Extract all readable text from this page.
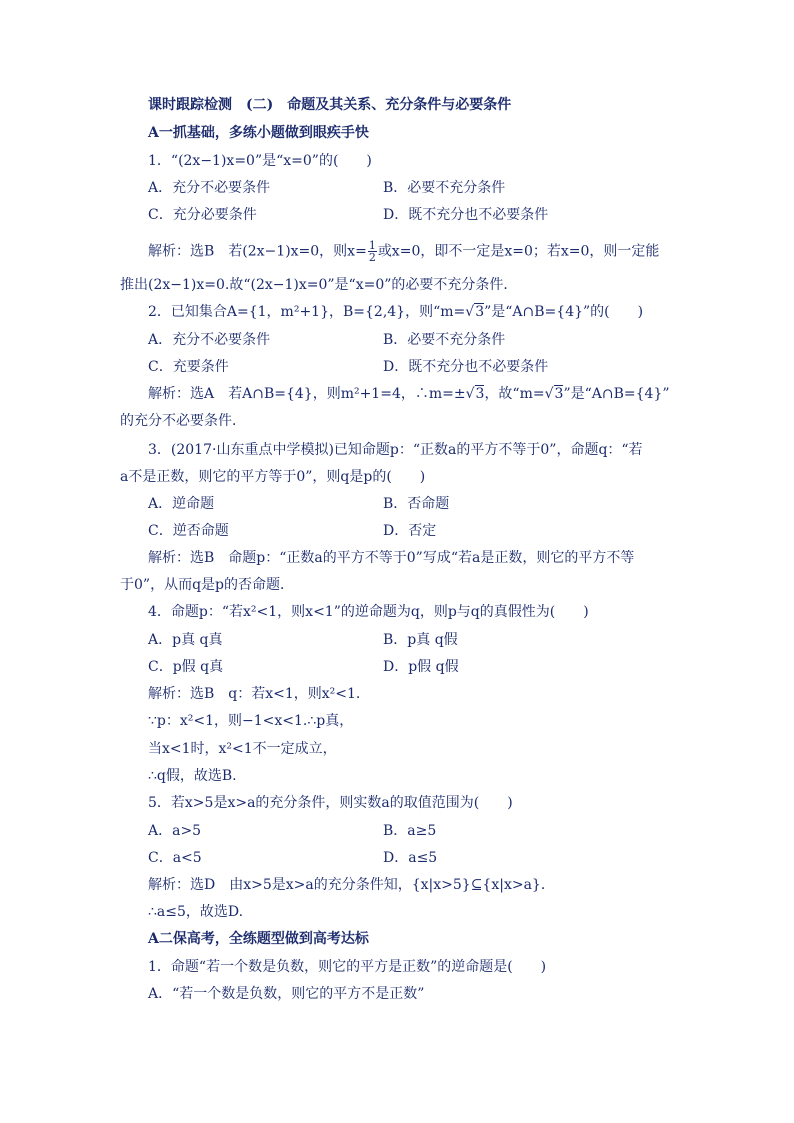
课时跟踪检测　(二)　命题及其关系、充分条件与必要条件
A一抓基础，多练小题做到眼疾手快
1．“(2x−1)x=0”是“x=0”的(　　)
A．充分不必要条件	B．必要不充分条件
C．充分必要条件	D．既不充分也不必要条件
解析：选B　若(2x−1)x=0，则$x= \frac{1}{2}$ 或x=0，即不一定是x=0；若x=0，则一定能
推出(2x−1)x=0.故“(2x−1)x=0”是“x=0”的必要不充分条件．
2．已知集合A={1，m²+1}，B={2,4}，则“m=√3”是“A∩B={4}”的(　　)
A．充分不必要条件	B．必要不充分条件
C．充要条件	D．既不充分也不必要条件
解析：选A　若A∩B={4}，则m²+1=4，∴m=±√3，故“m=√3”是“A∩B={4}”
的充分不必要条件．
3．(2017·山东重点中学模拟)已知命题p：“正数a的平方不等于0”，命题q：“若
a不是正数，则它的平方等于0”，则q是p的(　　)
A．逆命题	B．否命题
C．逆否命题	D．否定
解析：选B　命题p：“正数a的平方不等于0”写成“若a是正数，则它的平方不等
于0”，从而q是p的否命题．
4．命题p：“若x²<1，则x<1”的逆命题为q，则p与q的真假性为(　　)
A．p真 q真	B．p真 q假
C．p假 q真	D．p假 q假
解析：选B　q：若x<1，则x²<1.
∵p：x²<1，则−1<x<1.∴p真，
当x<1时，x²<1不一定成立，
∴q假，故选B.
5．若x>5是x>a的充分条件，则实数a的取值范围为(　　)
A．a>5	B．a≥5
C．a<5	D．a≤5
解析：选D　由x>5是x>a的充分条件知，{x|x>5}⊆{x|x>a}．
∴a≤5，故选D.
A二保高考，全练题型做到高考达标
1．命题“若一个数是负数，则它的平方是正数”的逆命题是(　　)
A．“若一个数是负数，则它的平方不是正数”
